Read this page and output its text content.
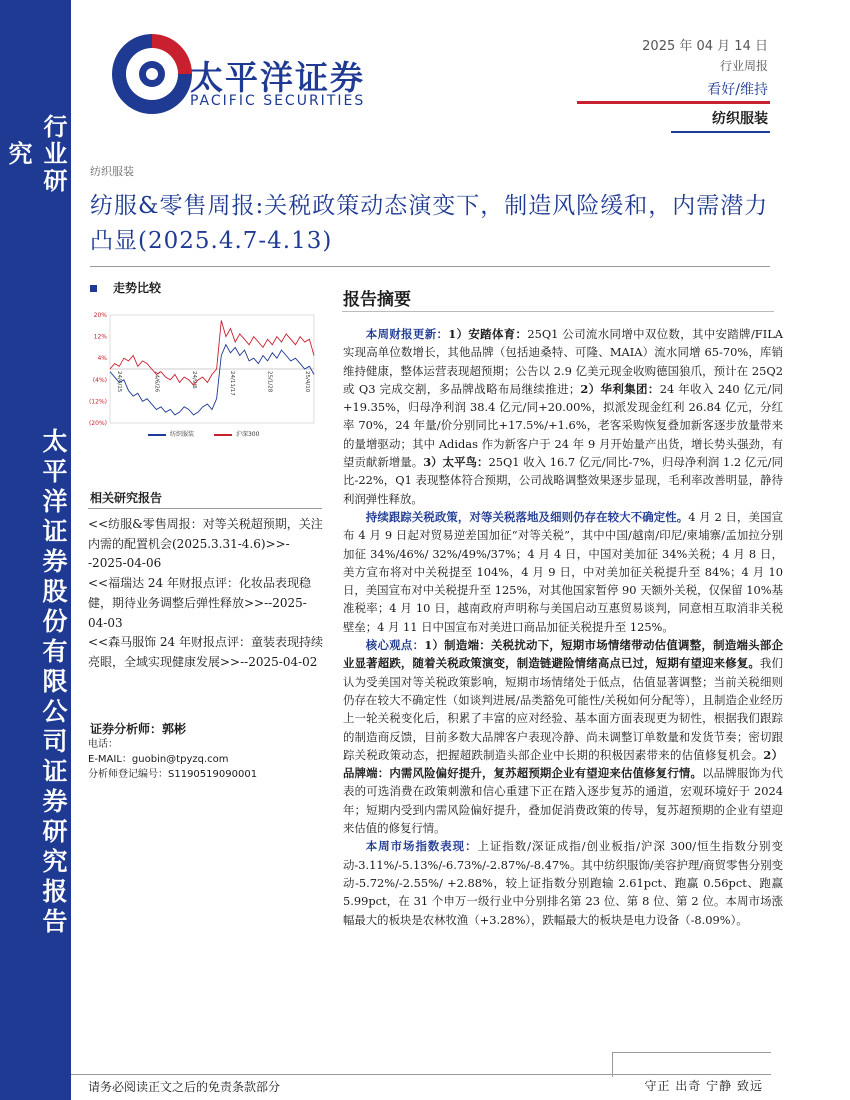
行业研究
太平洋证券股份有限公司证券研究报告
太平洋证券
PACIFIC SECURITIES
2025 年 04 月 14 日
行业周报
看好/维持
纺织服装
纺织服装
纺服&零售周报:关税政策动态演变下，制造风险缓和，内需潜力凸显(2025.4.7-4.13)
走势比较
20%
12%
4%
(4%)
(12%)
(20%)
24/4/15	24/6/26	24/9/6	24/11/17	25/1/28	25/4/10
纺织服装	沪深300
相关研究报告
<<纺服&零售周报：对等关税超预期，关注内需的配置机会(2025.3.31-4.6)>>--2025-04-06
<<福瑞达 24 年财报点评：化妆品表现稳健，期待业务调整后弹性释放>>--2025-04-03
<<森马服饰 24 年财报点评：童装表现持续亮眼，全域实现健康发展>>--2025-04-02
证券分析师：郭彬
电话：
E-MAIL：guobin@tpyzq.com
分析师登记编号：S1190519090001
报告摘要

本周财报更新：1）安踏体育：25Q1 公司流水同增中双位数，其中安踏牌/FILA 实现高单位数增长，其他品牌（包括迪桑特、可隆、MAIA）流水同增 65-70%，库销维持健康，整体运营表现超预期；公告以 2.9 亿美元现金收购德国狼爪，预计在 25Q2 或 Q3 完成交割，多品牌战略布局继续推进；2）华利集团：24 年收入 240 亿元/同+19.35%，归母净利润 38.4 亿元/同+20.00%，拟派发现金红利 26.84 亿元，分红率 70%，24 年量/价分别同比+17.5%/+1.6%，老客采购恢复叠加新客逐步放量带来的量增驱动；其中 Adidas 作为新客户于 24 年 9 月开始量产出货，增长势头强劲，有望贡献新增量。3）太平鸟：25Q1 收入 16.7 亿元/同比-7%，归母净利润 1.2 亿元/同比-22%，Q1 表现整体符合预期，公司战略调整效果逐步显现，毛利率改善明显，静待利润弹性释放。

持续跟踪关税政策，对等关税落地及细则仍存在较大不确定性。4 月 2 日，美国宣布 4 月 9 日起对贸易逆差国加征“对等关税”，其中中国/越南/印尼/柬埔寨/孟加拉分别加征 34%/46%/ 32%/49%/37%；4 月 4 日，中国对美加征 34%关税；4 月 8 日，美方宣布将对中关税提至 104%，4 月 9 日，中对美加征关税提升至 84%；4 月 10 日，美国宣布对中关税提升至 125%，对其他国家暂停 90 天额外关税，仅保留 10%基准税率；4 月 10 日，越南政府声明称与美国启动互惠贸易谈判，同意相互取消非关税壁垒；4 月 11 日中国宣布对美进口商品加征关税提升至 125%。

核心观点：1）制造端：关税扰动下，短期市场情绪带动估值调整，制造端头部企业显著超跌，随着关税政策演变，制造链避险情绪高点已过，短期有望迎来修复。我们认为受美国对等关税政策影响，短期市场情绪处于低点，估值显著调整；当前关税细则仍存在较大不确定性（如谈判进展/品类豁免可能性/关税如何分配等），且制造企业经历上一轮关税变化后，积累了丰富的应对经验、基本面方面表现更为韧性，根据我们跟踪的制造商反馈，目前多数大品牌客户表现冷静、尚未调整订单数量和发货节奏；密切跟踪关税政策动态，把握超跌制造头部企业中长期的积极因素带来的估值修复机会。2）品牌端：内需风险偏好提升，复苏超预期企业有望迎来估值修复行情。以品牌服饰为代表的可选消费在政策刺激和信心重建下正在踏入逐步复苏的通道，宏观环境好于 2024 年；短期内受到内需风险偏好提升，叠加促消费政策的传导，复苏超预期的企业有望迎来估值的修复行情。

本周市场指数表现：上证指数/深证成指/创业板指/沪深 300/恒生指数分别变动-3.11%/-5.13%/-6.73%/-2.87%/-8.47%。其中纺织服饰/美容护理/商贸零售分别变动-5.72%/-2.55%/ +2.88%，较上证指数分别跑输 2.61pct、跑赢 0.56pct、跑赢 5.99pct，在 31 个申万一级行业中分别排名第 23 位、第 8 位、第 2 位。本周市场涨幅最大的板块是农林牧渔（+3.28%），跌幅最大的板块是电力设备（-8.09%）。

请务必阅读正文之后的免责条款部分	守正 出奇 宁静 致远
